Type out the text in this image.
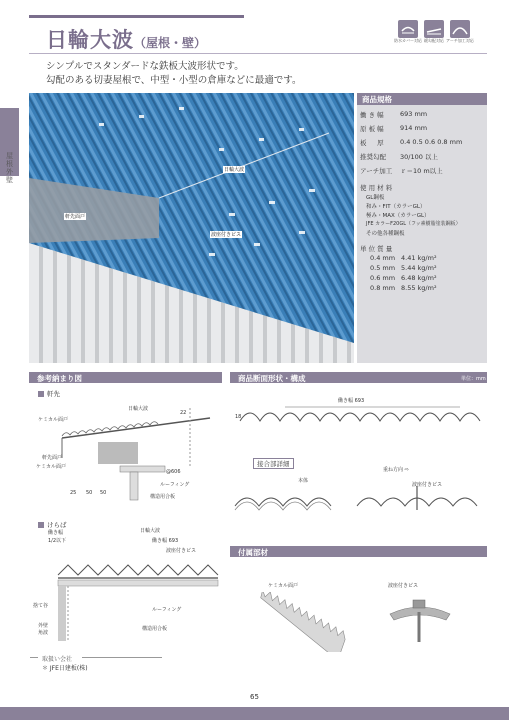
日輪大波（屋根・壁）	防水カバー対応 緩勾配対応 アーチ加工対応
屋根外壁
シンプルでスタンダードな鉄板大波形状です。
勾配のある切妻屋根で、中型・小型の倉庫などに最適です。
軒先面戸
日輪大波
波座付きビス
商品規格
働 き 幅	693 mm
原 板 幅	914 mm
板 　 厚	0.4 0.5 0.6 0.8 mm
推奨勾配 30/100 以上
アーチ加工 ｒ＝10 m以上
使 用 材 料
GL鋼板
和み・FIT（カラーGL）
極み・MAX（カラーGL）
JFE カラーF20GL（フッ素樹脂塗装鋼板）
その他各種鋼板
単 位 質 量
0.4 mm 4.41 kg/m²
0.5 mm 5.44 kg/m²
0.6 mm 6.48 kg/m²
0.8 mm 8.55 kg/m²
参考納まり図	商品断面形状・構成	単位：mm
付属部材
軒先
日輪大波
22
ケミカル面戸
軒先面戸
ケミカル面戸
@606
ルーフィング
構造用合板
25 50 50
けらば
働き幅
1/2以下
日輪大波
働き幅 693
波座付きビス
捨て谷
外壁
角波
ルーフィング
構造用合板
働き幅 693
18
接合部詳細
本体
重ね方向 ⇨
波座付きビス
ケミカル面戸	波座付きビス
取扱い会社
＊ JFE日建板(株)
65
